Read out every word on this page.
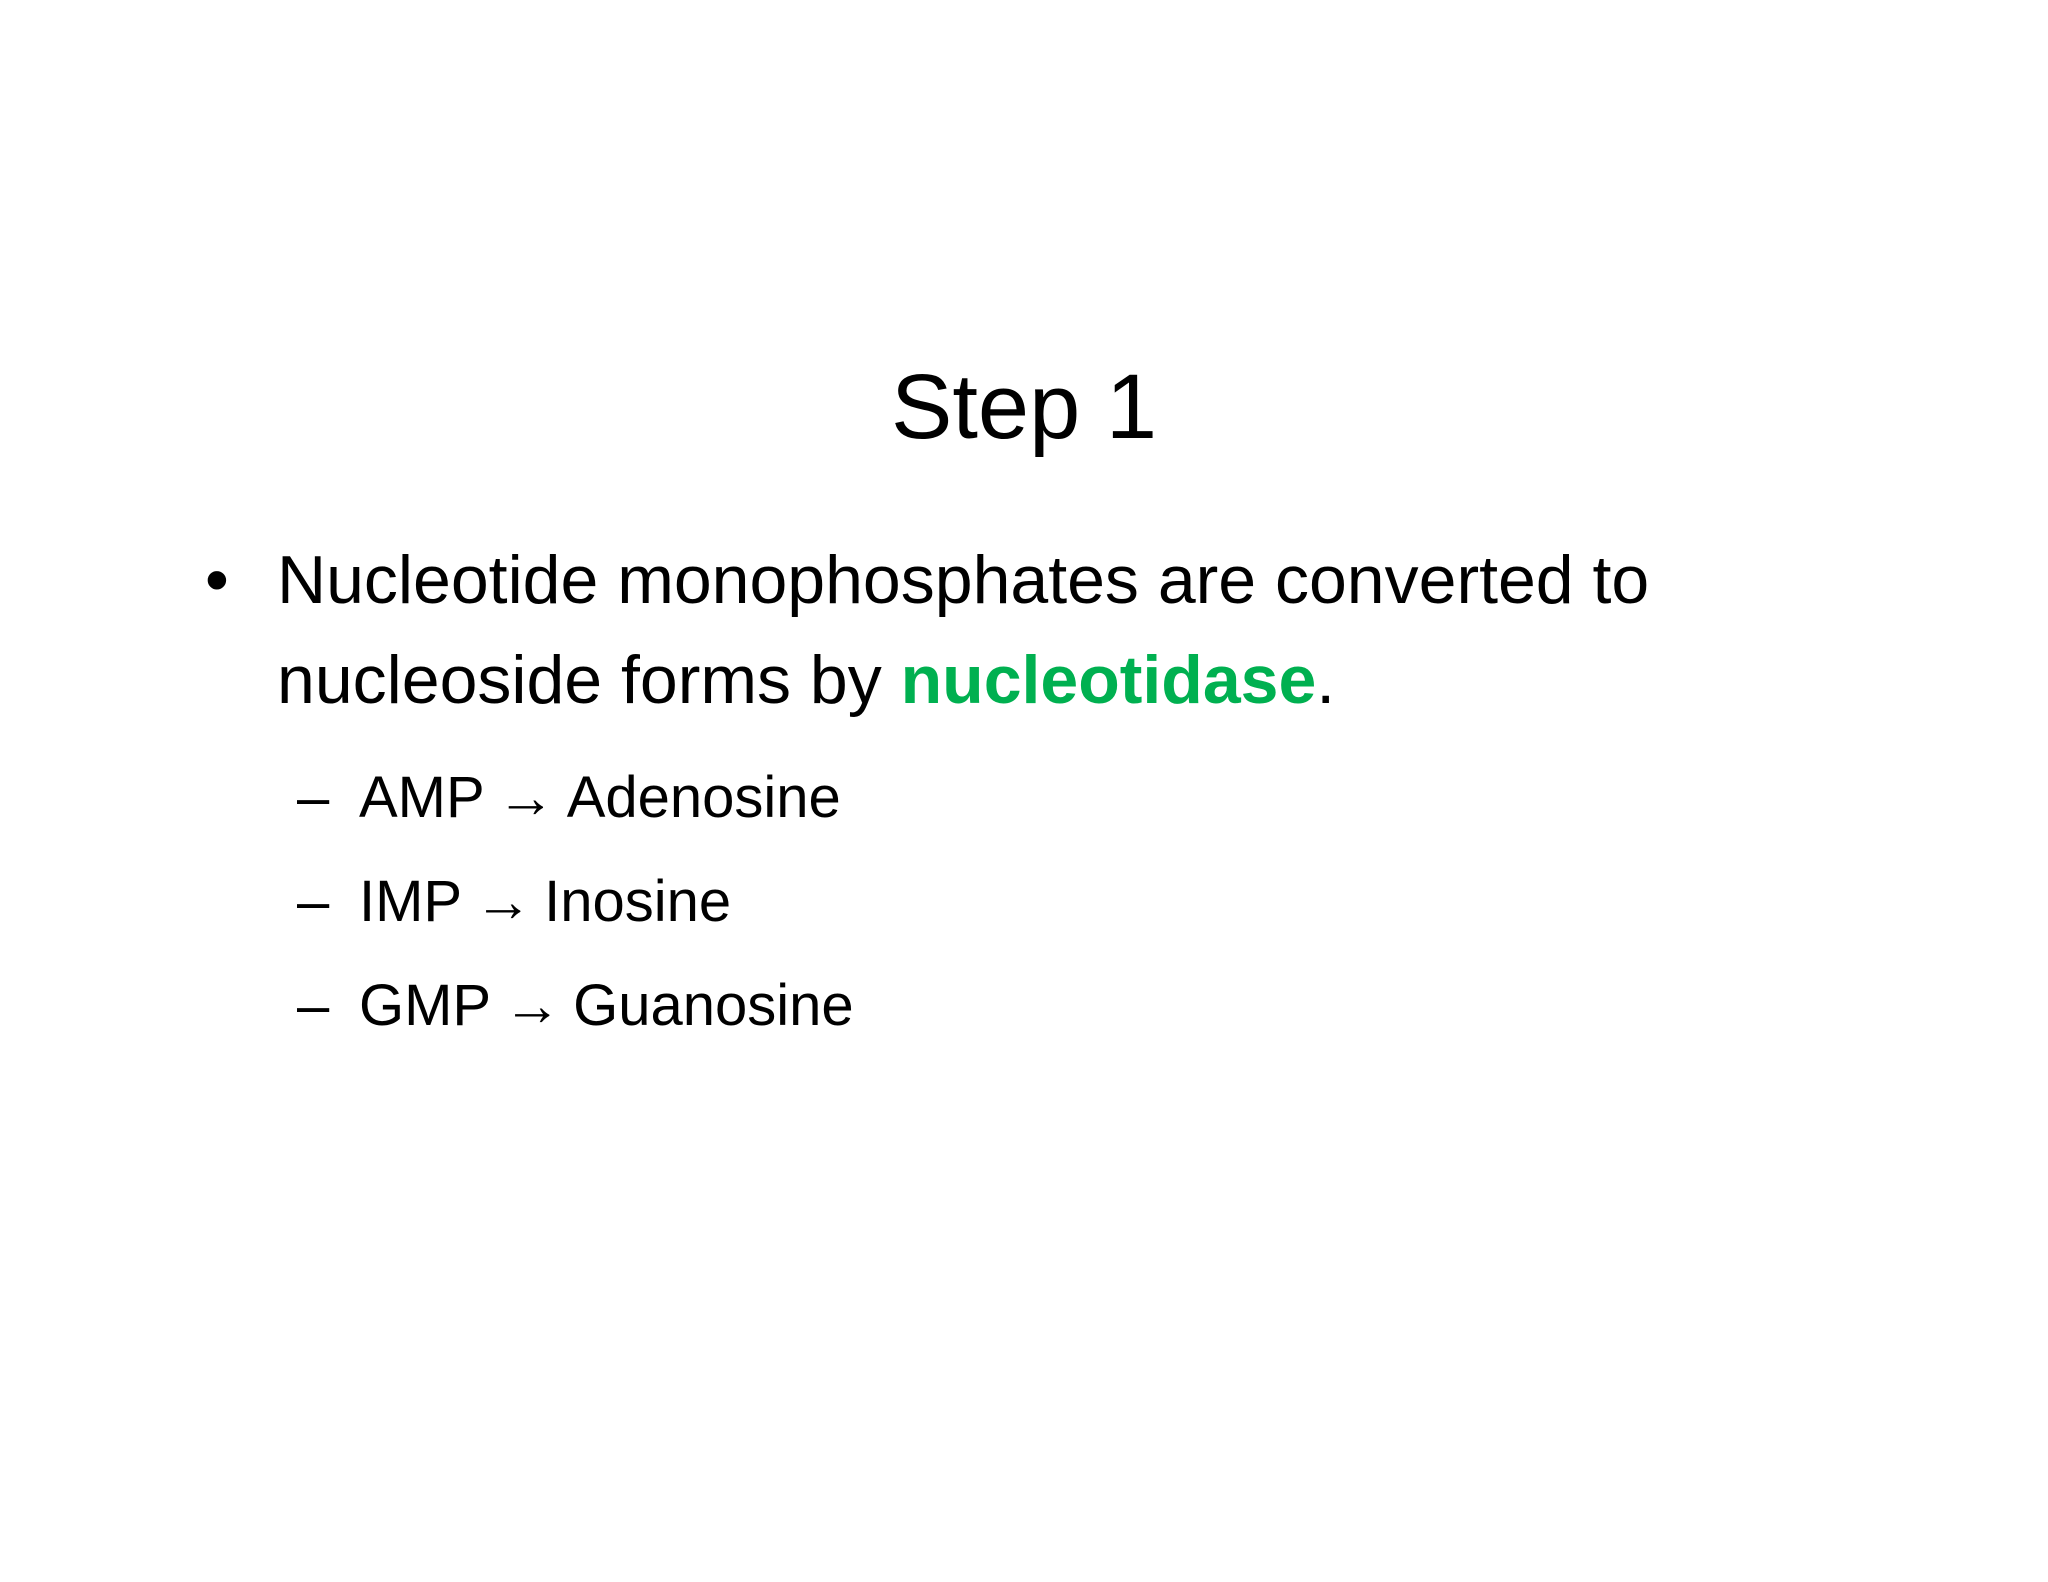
Step 1
• Nucleotide monophosphates are converted to nucleoside forms by nucleotidase.
– AMP → Adenosine
– IMP → Inosine
– GMP → Guanosine
